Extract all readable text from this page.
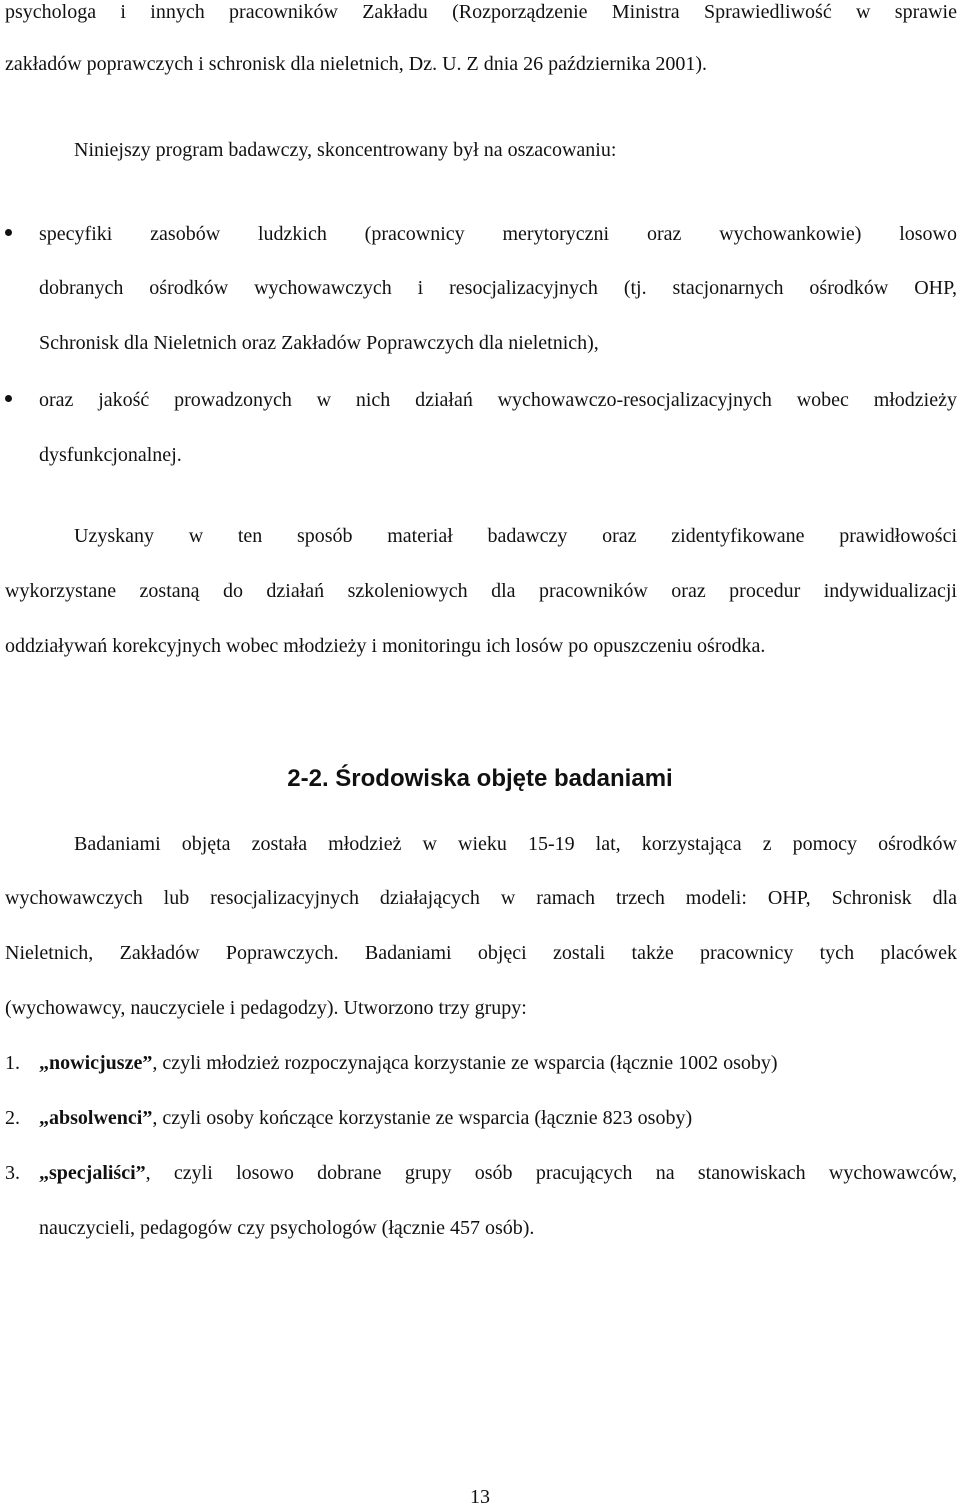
psychologa i innych pracowników Zakładu (Rozporządzenie Ministra Sprawiedliwość w sprawie
zakładów poprawczych i schronisk dla nieletnich, Dz. U. Z dnia 26 października 2001).
Niniejszy program badawczy, skoncentrowany był na oszacowaniu:
specyfiki zasobów ludzkich (pracownicy merytoryczni oraz wychowankowie) losowo
dobranych ośrodków wychowawczych i resocjalizacyjnych (tj. stacjonarnych ośrodków OHP,
Schronisk dla Nieletnich oraz Zakładów Poprawczych dla nieletnich),
oraz jakość prowadzonych w nich działań wychowawczo-resocjalizacyjnych wobec młodzieży
dysfunkcjonalnej.
Uzyskany w ten sposób materiał badawczy oraz zidentyfikowane prawidłowości
wykorzystane zostaną do działań szkoleniowych dla pracowników oraz procedur indywidualizacji
oddziaływań korekcyjnych wobec młodzieży i monitoringu ich losów po opuszczeniu ośrodka.
2-2. Środowiska objęte badaniami
Badaniami objęta została młodzież w wieku 15-19 lat, korzystająca z pomocy ośrodków
wychowawczych lub resocjalizacyjnych działających w ramach trzech modeli: OHP, Schronisk dla
Nieletnich, Zakładów Poprawczych. Badaniami objęci zostali także pracownicy tych placówek
(wychowawcy, nauczyciele i pedagodzy). Utworzono trzy grupy:
1. „nowicjusze”, czyli młodzież rozpoczynająca korzystanie ze wsparcia (łącznie 1002 osoby)
2. „absolwenci”, czyli osoby kończące korzystanie ze wsparcia (łącznie 823 osoby)
3. „specjaliści” , czyli losowo dobrane grupy osób pracujących na stanowiskach wychowawców,
nauczycieli, pedagogów czy psychologów (łącznie 457 osób).
13
